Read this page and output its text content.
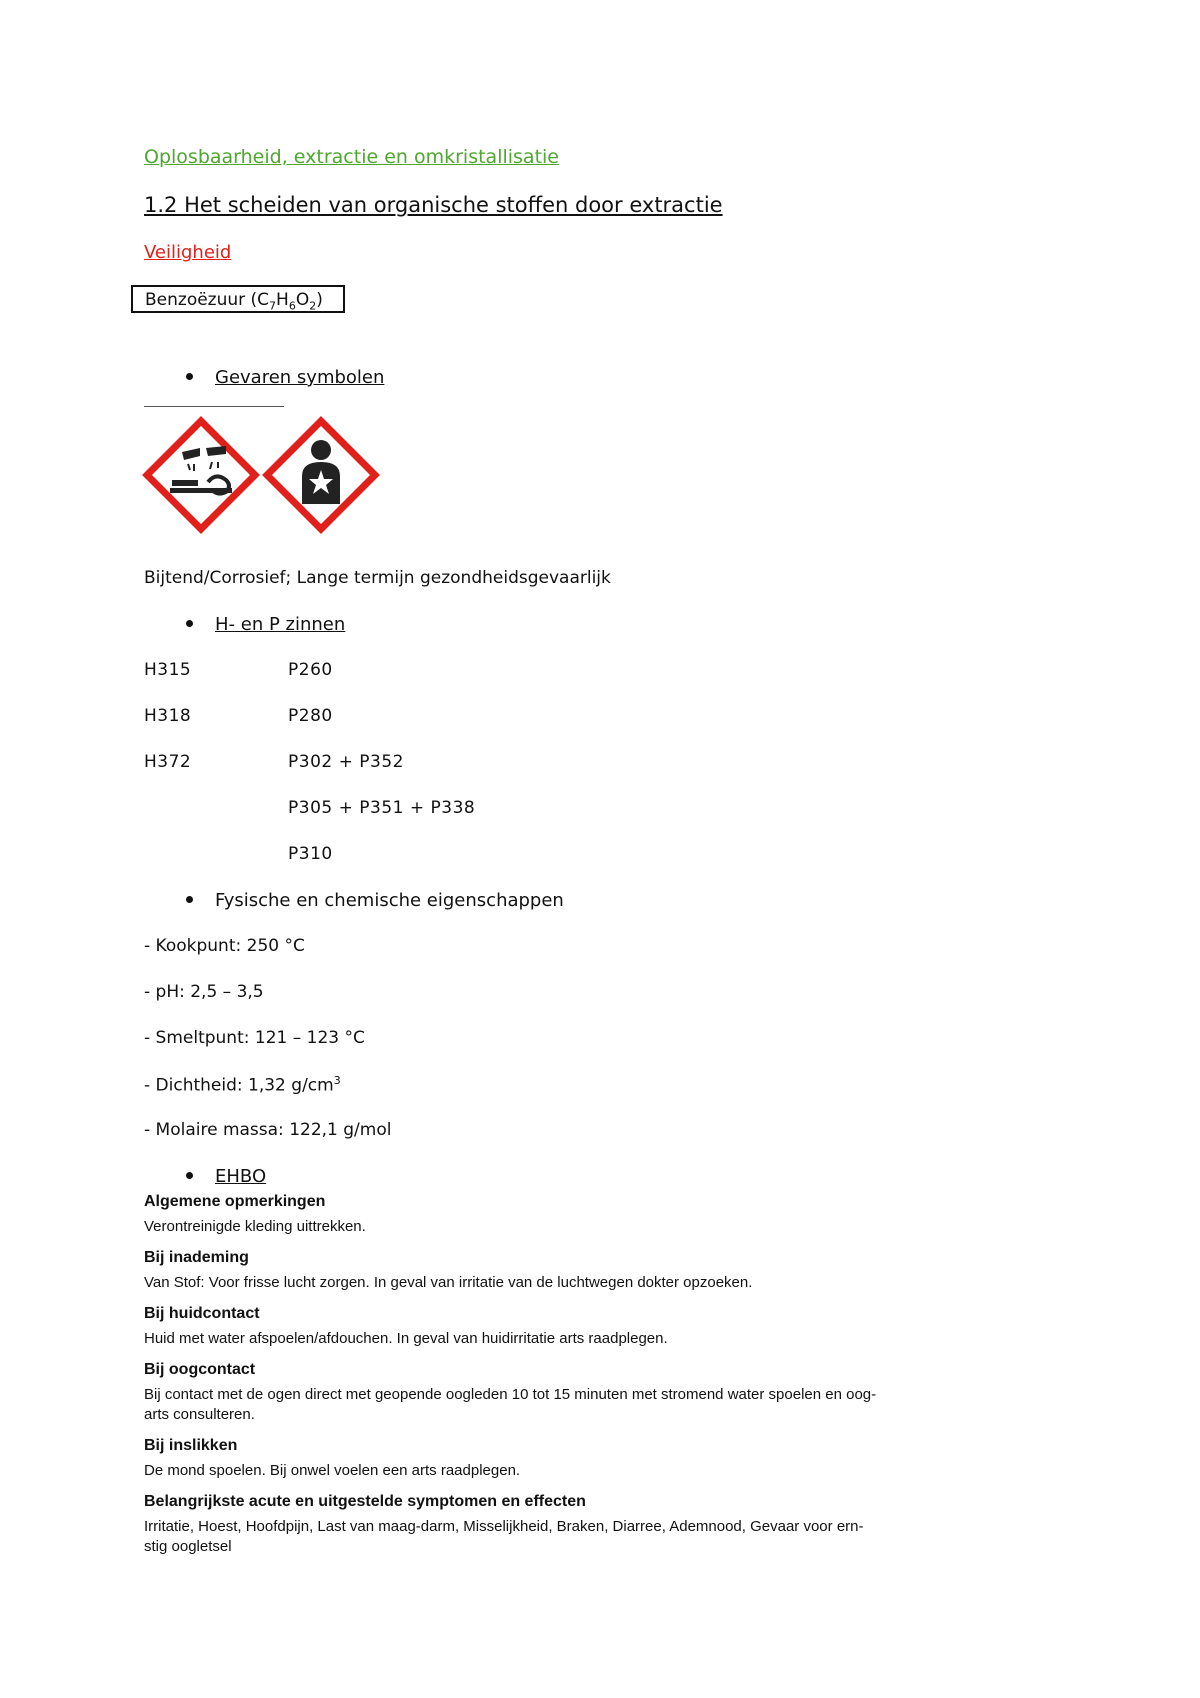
Oplosbaarheid, extractie en omkristallisatie
1.2 Het scheiden van organische stoffen door extractie
Veiligheid
Benzoëzuur $(C_7H_6O_2)$
Gevaren symbolen
Bijtend/Corrosief; Lange termijn gezondheidsgevaarlijk
H- en P zinnen
H315
H318
H372
P260
P280
P302 + P352
P305 + P351 + P338
P310
Fysische en chemische eigenschappen
- Kookpunt: 250 °C
- pH: 2,5 – 3,5
- Smeltpunt: 121 – 123 °C
- Dichtheid: 1,32 $g/cm^3$
- Molaire massa: 122,1 g/mol
EHBO
Algemene opmerkingen
Verontreinigde kleding uittrekken.
Bij inademing
Van Stof: Voor frisse lucht zorgen. In geval van irritatie van de luchtwegen dokter opzoeken.
Bij huidcontact
Huid met water afspoelen/afdouchen. In geval van huidirritatie arts raadplegen.
Bij oogcontact
Bij contact met de ogen direct met geopende oogleden 10 tot 15 minuten met stromend water spoelen en oog-
arts consulteren.
Bij inslikken
De mond spoelen. Bij onwel voelen een arts raadplegen.
Belangrijkste acute en uitgestelde symptomen en effecten
Irritatie, Hoest, Hoofdpijn, Last van maag-darm, Misselijkheid, Braken, Diarree, Ademnood, Gevaar voor ern-
stig oogletsel
